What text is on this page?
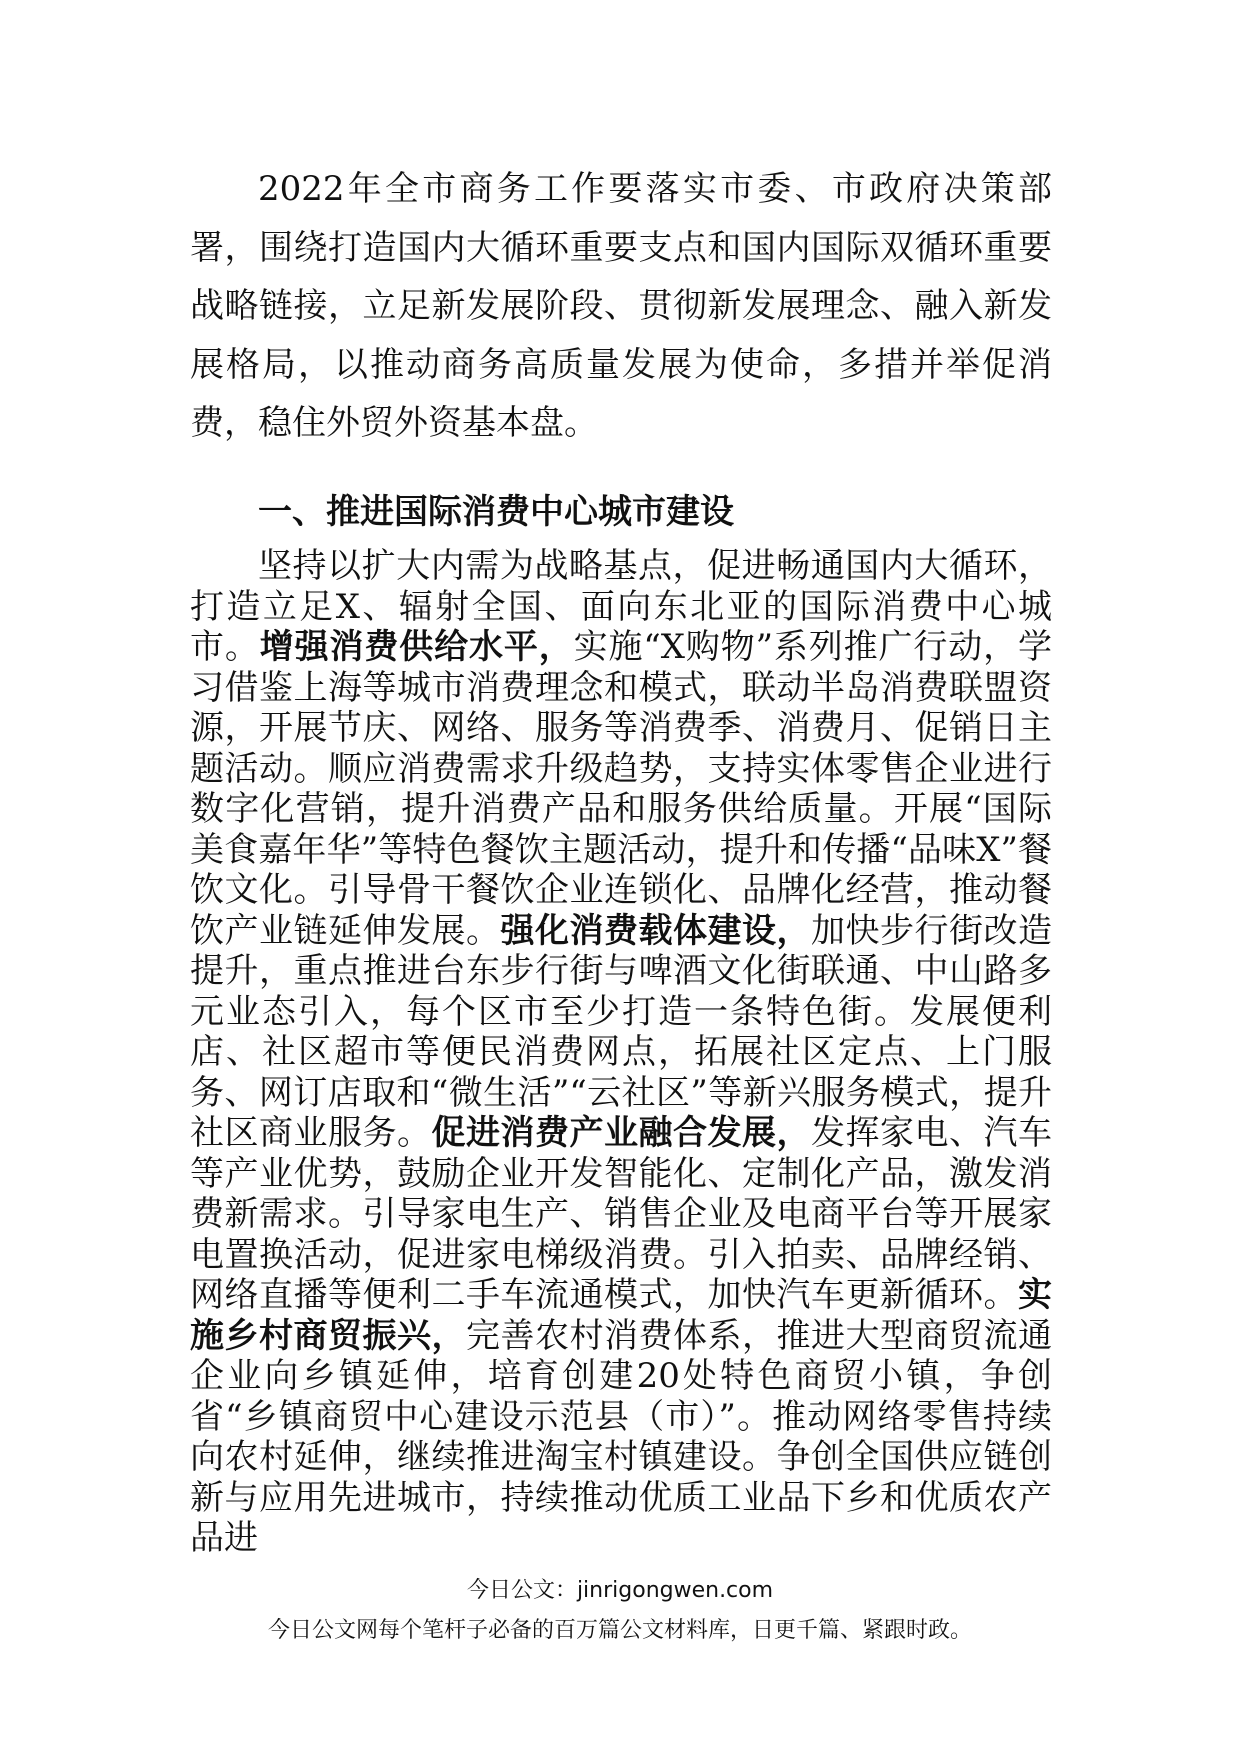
2022年全市商务工作要落实市委、市政府决策部署，围绕打造国内大循环重要支点和国内国际双循环重要战略链接，立足新发展阶段、贯彻新发展理念、融入新发展格局，以推动商务高质量发展为使命，多措并举促消费，稳住外贸外资基本盘。

一、推进国际消费中心城市建设

坚持以扩大内需为战略基点，促进畅通国内大循环，打造立足X、辐射全国、面向东北亚的国际消费中心城市。增强消费供给水平，实施“X购物”系列推广行动，学习借鉴上海等城市消费理念和模式，联动半岛消费联盟资源，开展节庆、网络、服务等消费季、消费月、促销日主题活动。顺应消费需求升级趋势，支持实体零售企业进行数字化营销，提升消费产品和服务供给质量。开展“国际美食嘉年华”等特色餐饮主题活动，提升和传播“品味X”餐饮文化。引导骨干餐饮企业连锁化、品牌化经营，推动餐饮产业链延伸发展。强化消费载体建设，加快步行街改造提升，重点推进台东步行街与啤酒文化街联通、中山路多元业态引入，每个区市至少打造一条特色街。发展便利店、社区超市等便民消费网点，拓展社区定点、上门服务、网订店取和“微生活”“云社区”等新兴服务模式，提升社区商业服务。促进消费产业融合发展，发挥家电、汽车等产业优势，鼓励企业开发智能化、定制化产品，激发消费新需求。引导家电生产、销售企业及电商平台等开展家电置换活动，促进家电梯级消费。引入拍卖、品牌经销、网络直播等便利二手车流通模式，加快汽车更新循环。实施乡村商贸振兴，完善农村消费体系，推进大型商贸流通企业向乡镇延伸，培育创建20处特色商贸小镇，争创省“乡镇商贸中心建设示范县（市）”。推动网络零售持续向农村延伸，继续推进淘宝村镇建设。争创全国供应链创新与应用先进城市，持续推动优质工业品下乡和优质农产品进

今日公文：jinrigongwen.com
今日公文网每个笔杆子必备的百万篇公文材料库，日更千篇、紧跟时政。
